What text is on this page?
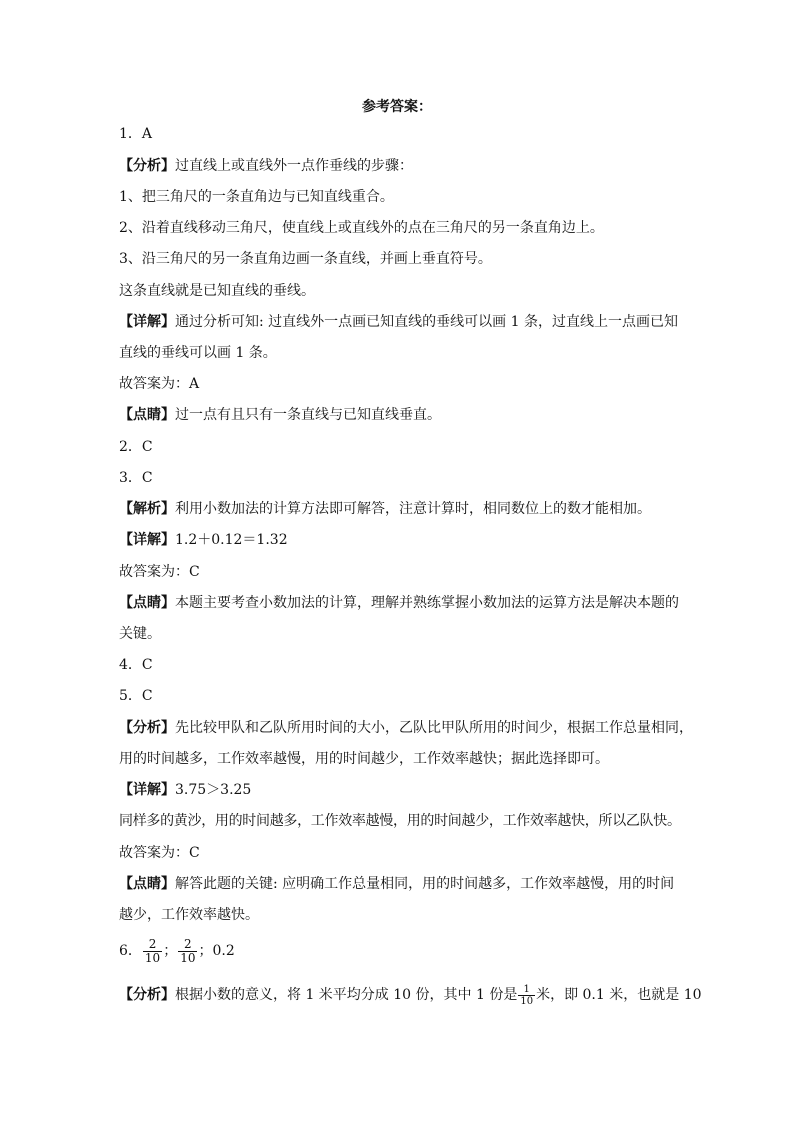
参考答案：
1．A
【分析】过直线上或直线外一点作垂线的步骤：
1、把三角尺的一条直角边与已知直线重合。
2、沿着直线移动三角尺，使直线上或直线外的点在三角尺的另一条直角边上。
3、沿三角尺的另一条直角边画一条直线，并画上垂直符号。
这条直线就是已知直线的垂线。
【详解】通过分析可知: 过直线外一点画已知直线的垂线可以画 1 条，过直线上一点画已知
直线的垂线可以画 1 条。
故答案为：A
【点睛】过一点有且只有一条直线与已知直线垂直。
2．C
3．C
【解析】利用小数加法的计算方法即可解答，注意计算时，相同数位上的数才能相加。
【详解】1.2＋0.12＝1.32
故答案为：C
【点睛】本题主要考查小数加法的计算，理解并熟练掌握小数加法的运算方法是解决本题的
关键。
4．C
5．C
【分析】先比较甲队和乙队所用时间的大小，乙队比甲队所用的时间少，根据工作总量相同，
用的时间越多，工作效率越慢，用的时间越少，工作效率越快；据此选择即可。
【详解】3.75＞3.25
同样多的黄沙，用的时间越多，工作效率越慢，用的时间越少，工作效率越快，所以乙队快。
故答案为：C
【点睛】解答此题的关键: 应明确工作总量相同，用的时间越多，工作效率越慢，用的时间
越少，工作效率越快。
6． $\frac{2}{10}$ ； $\frac{2}{10}$ ；0.2
【分析】根据小数的意义，将 1 米平均分成 10 份，其中 1 份是 $\frac{1}{10}$ 米，即 0.1 米，也就是 10
